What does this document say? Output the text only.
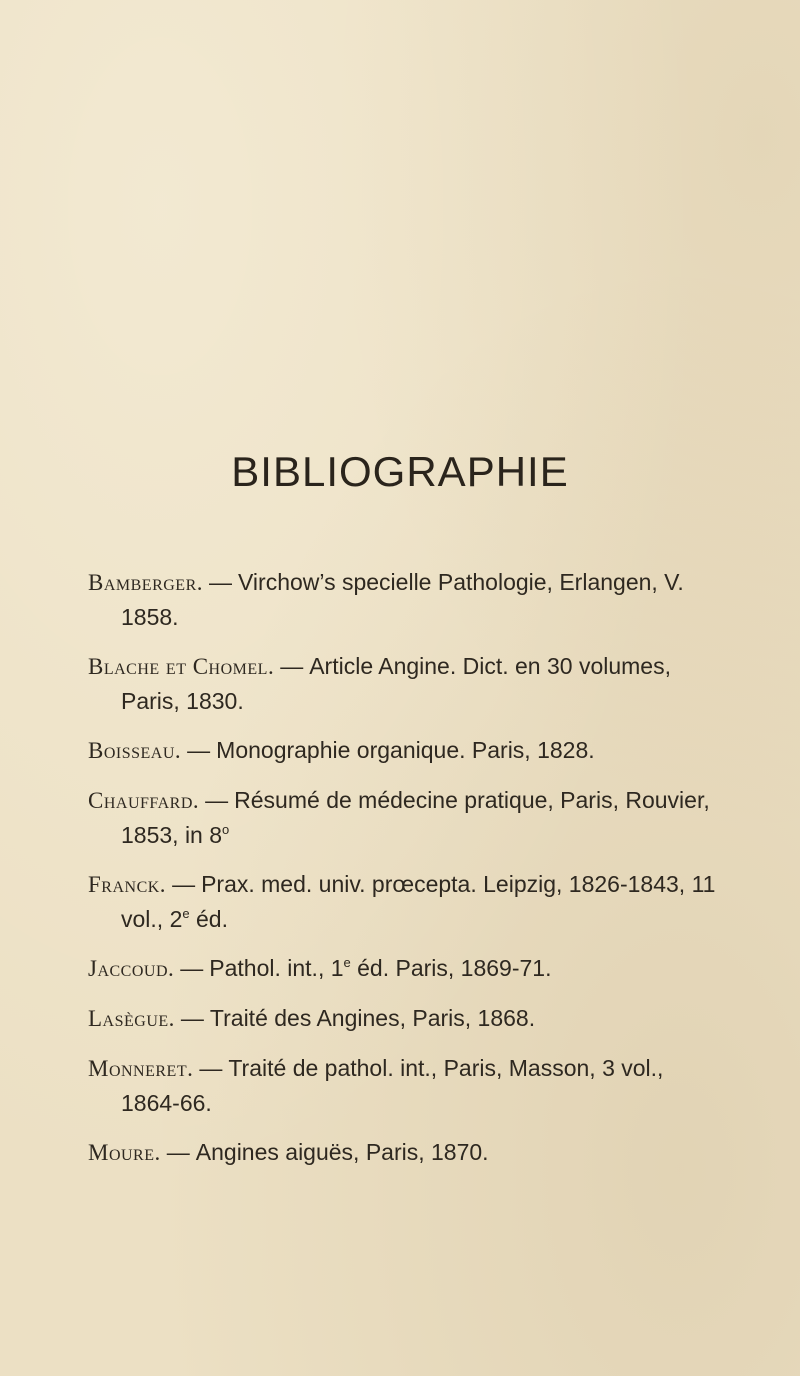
BIBLIOGRAPHIE
Bamberger. — Virchow’s specielle Pathologie, Erlangen, V. 1858.
Blache et Chomel. — Article Angine. Dict. en 30 volumes, Paris, 1830.
Boisseau. — Monographie organique. Paris, 1828.
Chauffard. — Résumé de médecine pratique, Paris, Rouvier, 1853, in 8$^o$
Franck. — Prax. med. univ. prœcepta. Leipzig, 1826-1843, 11 vol., 2e éd.
Jaccoud. — Pathol. int., 1e éd. Paris, 1869-71.
Lasègue. — Traité des Angines, Paris, 1868.
Monneret. — Traité de pathol. int., Paris, Masson, 3 vol., 1864-66.
Moure. — Angines aiguës, Paris, 1870.
